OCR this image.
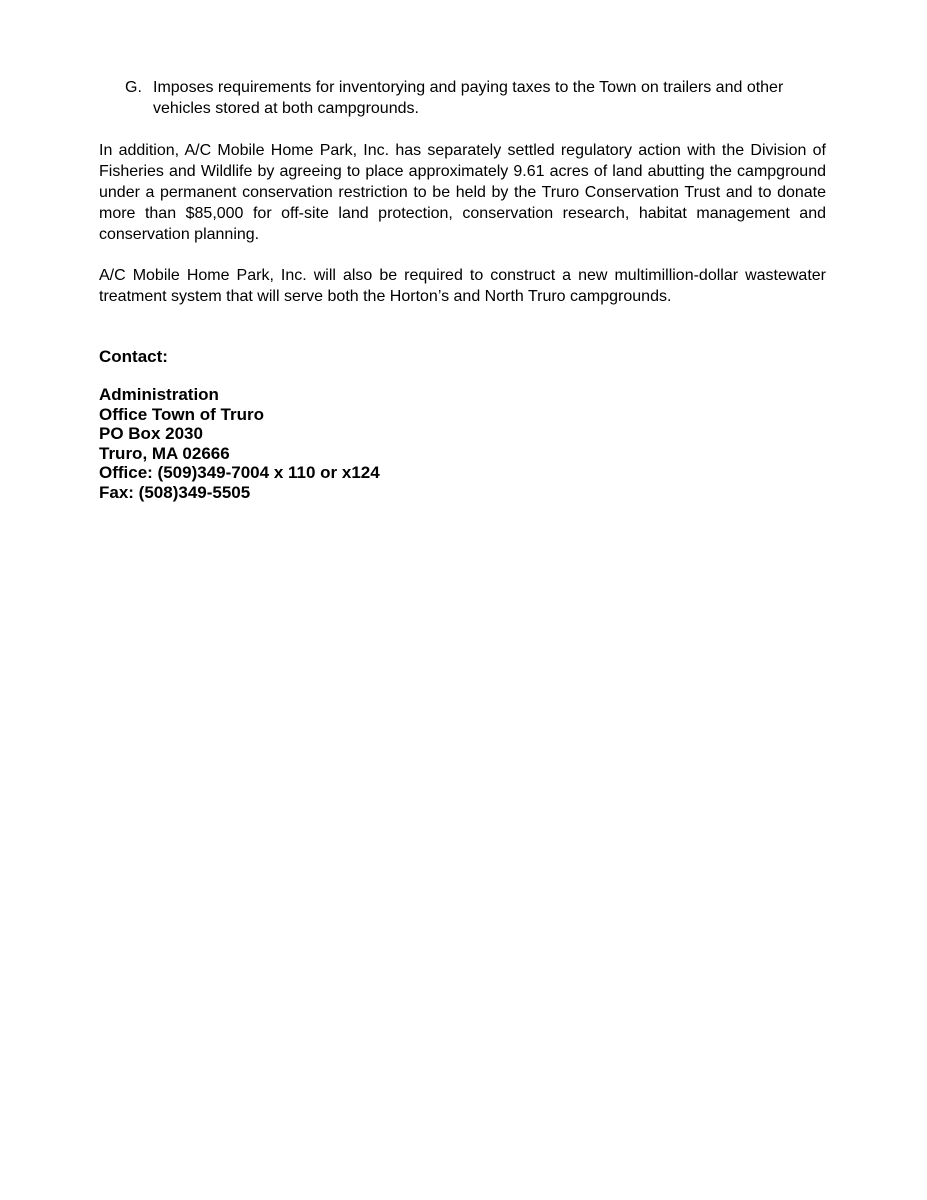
G. Imposes requirements for inventorying and paying taxes to the Town on trailers and other vehicles stored at both campgrounds.

In addition, A/C Mobile Home Park, Inc. has separately settled regulatory action with the Division of Fisheries and Wildlife by agreeing to place approximately 9.61 acres of land abutting the campground under a permanent conservation restriction to be held by the Truro Conservation Trust and to donate more than $85,000 for off-site land protection, conservation research, habitat management and conservation planning.

A/C Mobile Home Park, Inc. will also be required to construct a new multimillion-dollar wastewater treatment system that will serve both the Horton’s and North Truro campgrounds.

Contact:
Administration
Office Town of Truro
PO Box 2030
Truro, MA 02666
Office: (509)349-7004 x 110 or x124
Fax: (508)349-5505
